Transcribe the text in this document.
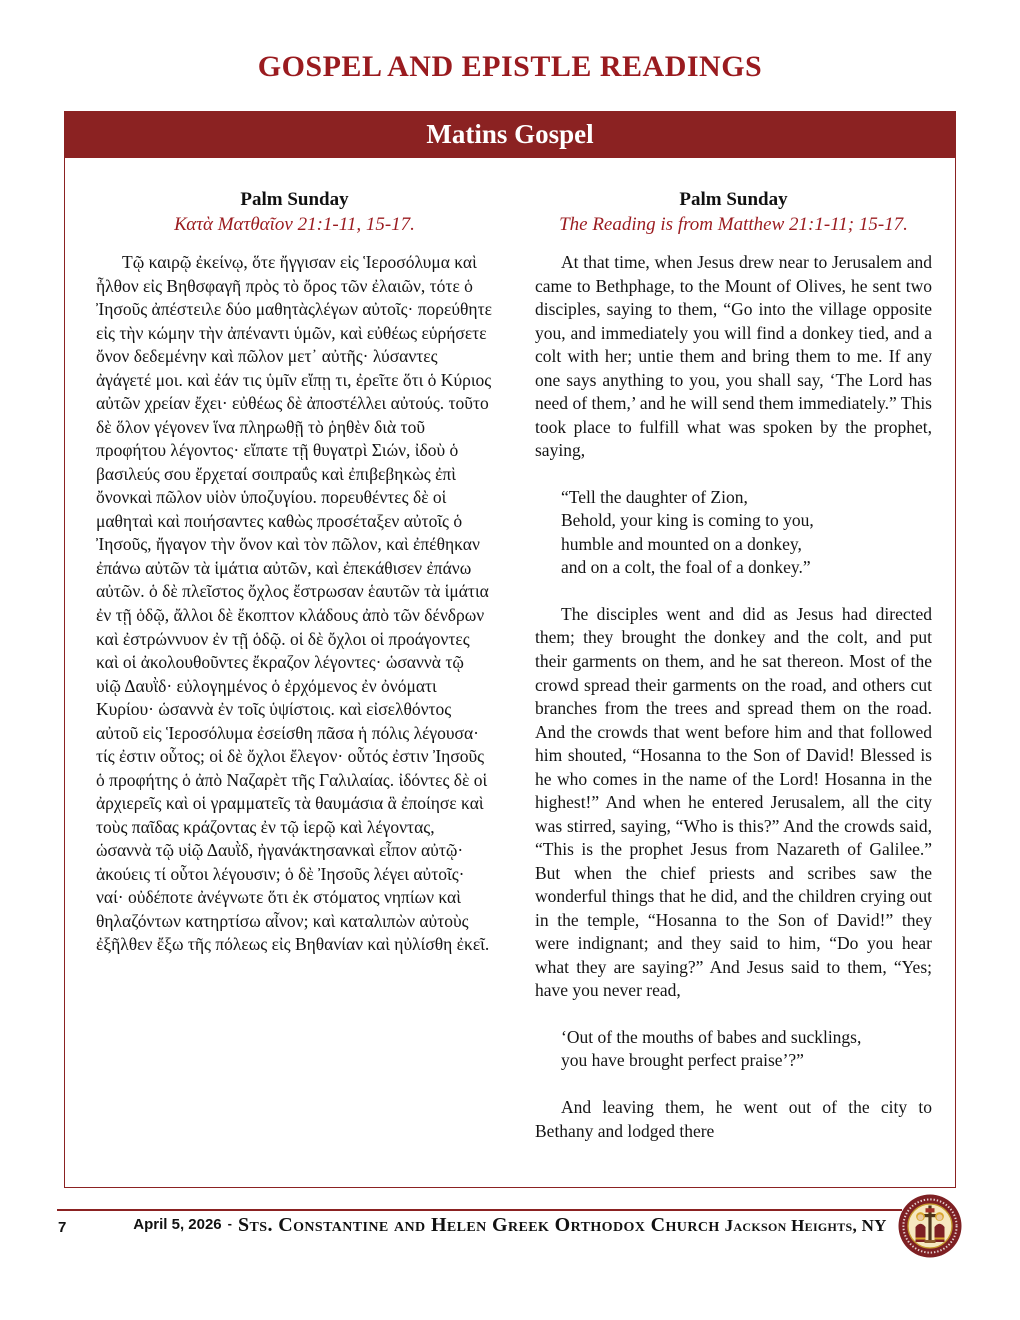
GOSPEL AND EPISTLE READINGS
Matins Gospel
Palm Sunday
Κατὰ Ματθαῖον 21:1-11, 15-17.

Τῷ καιρῷ ἐκείνῳ, ὅτε ἤγγισαν εἰς Ἱεροσόλυμα καὶ ἦλθον εἰς Βηθσφαγῆ πρὸς τὸ ὄρος τῶν ἐλαιῶν, τότε ὁ Ἰησοῦς ἀπέστειλε δύο μαθητὰςλέγων αὐτοῖς· πορεύθητε εἰς τὴν κώμην τὴν ἀπέναντι ὑμῶν, καὶ εὐθέως εὑρήσετε ὄνον δεδεμένην καὶ πῶλον μετ᾽ αὐτῆς· λύσαντες ἀγάγετέ μοι. καὶ ἐάν τις ὑμῖν εἴπῃ τι, ἐρεῖτε ὅτι ὁ Κύριος αὐτῶν χρείαν ἔχει· εὐθέως δὲ ἀποστέλλει αὐτούς. τοῦτο δὲ ὅλον γέγονεν ἵνα πληρωθῇ τὸ ῥηθὲν διὰ τοῦ προφήτου λέγοντος· εἴπατε τῇ θυγατρὶ Σιών, ἰδοὺ ὁ βασιλεύς σου ἔρχεταί σοιπραΰς καὶ ἐπιβεβηκὼς ἐπὶ ὄνονκαὶ πῶλον υἱὸν ὑποζυγίου. πορευθέντες δὲ οἱ μαθηταὶ καὶ ποιήσαντες καθὼς προσέταξεν αὐτοῖς ὁ Ἰησοῦς, ἤγαγον τὴν ὄνον καὶ τὸν πῶλον, καὶ ἐπέθηκαν ἐπάνω αὐτῶν τὰ ἱμάτια αὐτῶν, καὶ ἐπεκάθισεν ἐπάνω αὐτῶν. ὁ δὲ πλεῖστος ὄχλος ἔστρωσαν ἑαυτῶν τὰ ἱμάτια ἐν τῇ ὁδῷ, ἄλλοι δὲ ἔκοπτον κλάδους ἀπὸ τῶν δένδρων καὶ ἐστρώννυον ἐν τῇ ὁδῷ. οἱ δὲ ὄχλοι οἱ προάγοντες καὶ οἱ ἀκολουθοῦντες ἔκραζον λέγοντες· ὡσαννὰ τῷ υἱῷ Δαυῒδ· εὐλογημένος ὁ ἐρχόμενος ἐν ὀνόματι Κυρίου· ὡσαννὰ ἐν τοῖς ὑψίστοις. καὶ εἰσελθόντος αὐτοῦ εἰς Ἱεροσόλυμα ἐσείσθη πᾶσα ἡ πόλις λέγουσα· τίς ἐστιν οὗτος; οἱ δὲ ὄχλοι ἔλεγον· οὗτός ἐστιν Ἰησοῦς ὁ προφήτης ὁ ἀπὸ Ναζαρὲτ τῆς Γαλιλαίας. ἰδόντες δὲ οἱ ἀρχιερεῖς καὶ οἱ γραμματεῖς τὰ θαυμάσια ἃ ἐποίησε καὶ τοὺς παῖδας κράζοντας ἐν τῷ ἱερῷ καὶ λέγοντας, ὡσαννὰ τῷ υἱῷ Δαυῒδ, ἠγανάκτησανκαὶ εἶπον αὐτῷ· ἀκούεις τί οὗτοι λέγουσιν; ὁ δὲ Ἰησοῦς λέγει αὐτοῖς· ναί· οὐδέποτε ἀνέγνωτε ὅτι ἐκ στόματος νηπίων καὶ θηλαζόντων κατηρτίσω αἶνον; καὶ καταλιπὼν αὐτοὺς ἐξῆλθεν ἔξω τῆς πόλεως εἰς Βηθανίαν καὶ ηὐλίσθη ἐκεῖ.

Palm Sunday
The Reading is from Matthew 21:1-11; 15-17.

At that time, when Jesus drew near to Jerusalem and came to Bethphage, to the Mount of Olives, he sent two disciples, saying to them, “Go into the village opposite you, and immediately you will find a donkey tied, and a colt with her; untie them and bring them to me. If any one says anything to you, you shall say, ‘The Lord has need of them,’ and he will send them immediately.” This took place to fulfill what was spoken by the prophet, saying,

“Tell the daughter of Zion,
Behold, your king is coming to you,
humble and mounted on a donkey,
and on a colt, the foal of a donkey.”

The disciples went and did as Jesus had directed them; they brought the donkey and the colt, and put their garments on them, and he sat thereon. Most of the crowd spread their garments on the road, and others cut branches from the trees and spread them on the road. And the crowds that went before him and that followed him shouted, “Hosanna to the Son of David! Blessed is he who comes in the name of the Lord! Hosanna in the highest!” And when he entered Jerusalem, all the city was stirred, saying, “Who is this?” And the crowds said, “This is the prophet Jesus from Nazareth of Galilee.” But when the chief priests and scribes saw the wonderful things that he did, and the children crying out in the temple, “Hosanna to the Son of David!” they were indignant; and they said to him, “Do you hear what they are saying?” And Jesus said to them, “Yes; have you never read,

‘Out of the mouths of babes and sucklings,
you have brought perfect praise’?”

And leaving them, he went out of the city to Bethany and lodged there

7	April 5, 2026 - Sts. Constantine and Helen Greek Orthodox Church Jackson Heights, NY
